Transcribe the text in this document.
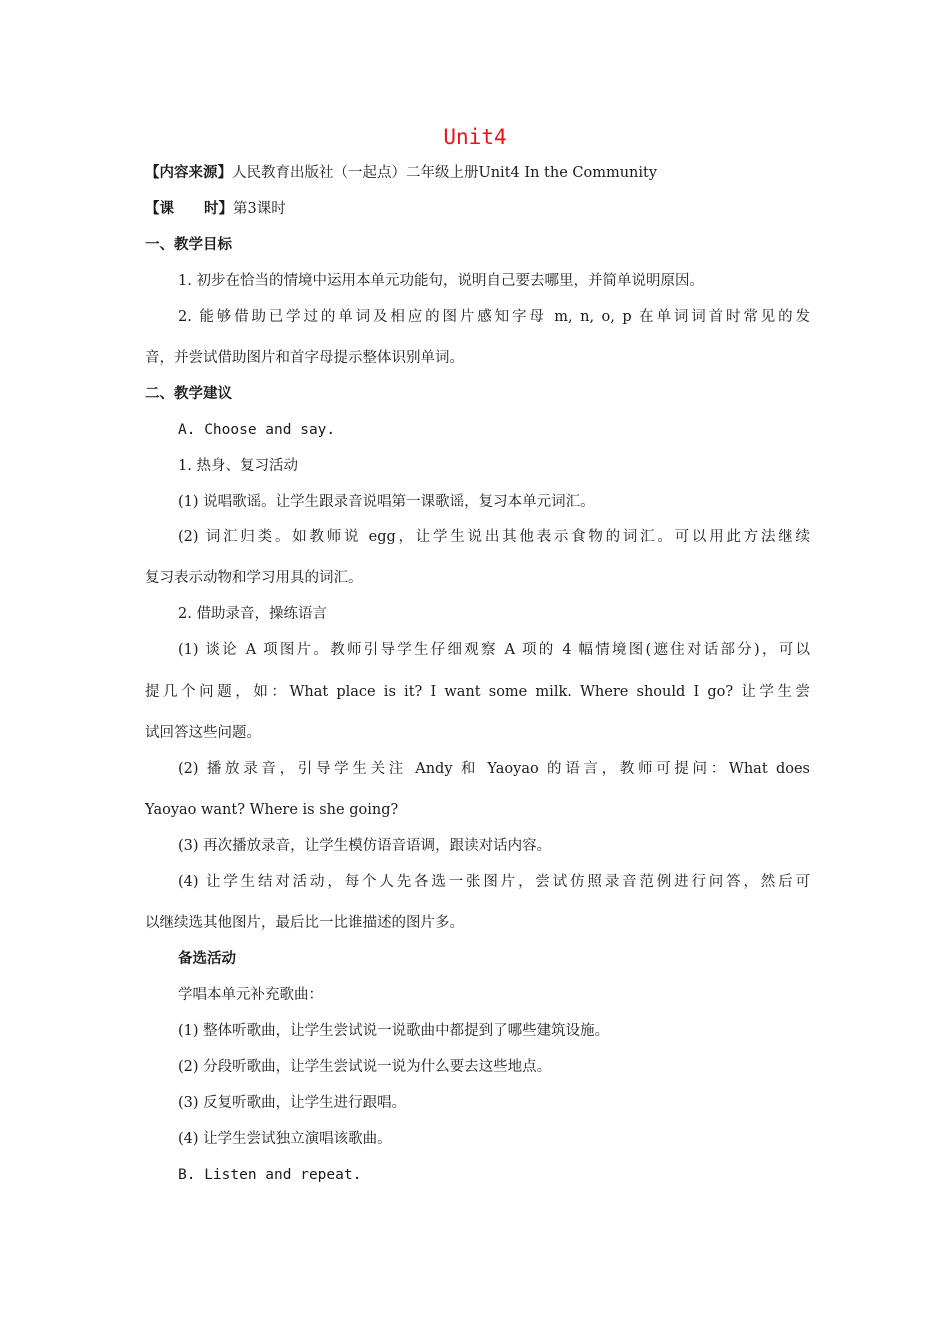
Unit4
【内容来源】人民教育出版社（一起点）二年级上册Unit4 In the Community
【课 时】第3课时
一、教学目标
1. 初步在恰当的情境中运用本单元功能句，说明自己要去哪里，并简单说明原因。
2. 能够借助已学过的单词及相应的图片感知字母 m, n, o, p 在单词词首时常见的发
音，并尝试借助图片和首字母提示整体识别单词。
二、教学建议
A. Choose and say.
1. 热身、复习活动
(1) 说唱歌谣。让学生跟录音说唱第一课歌谣，复习本单元词汇。
(2) 词汇归类。如教师说 egg，让学生说出其他表示食物的词汇。可以用此方法继续
复习表示动物和学习用具的词汇。
2. 借助录音，操练语言
(1) 谈论 A 项图片。教师引导学生仔细观察 A 项的 4 幅情境图(遮住对话部分)，可以
提几个问题，如：What place is it? I want some milk. Where should I go? 让学生尝
试回答这些问题。
(2) 播放录音，引导学生关注 Andy 和 Yaoyao 的语言，教师可提问：What does
Yaoyao want? Where is she going?
(3) 再次播放录音，让学生模仿语音语调，跟读对话内容。
(4) 让学生结对活动，每个人先各选一张图片，尝试仿照录音范例进行问答，然后可
以继续选其他图片，最后比一比谁描述的图片多。
备选活动
学唱本单元补充歌曲：
(1) 整体听歌曲，让学生尝试说一说歌曲中都提到了哪些建筑设施。
(2) 分段听歌曲，让学生尝试说一说为什么要去这些地点。
(3) 反复听歌曲，让学生进行跟唱。
(4) 让学生尝试独立演唱该歌曲。
B. Listen and repeat.
